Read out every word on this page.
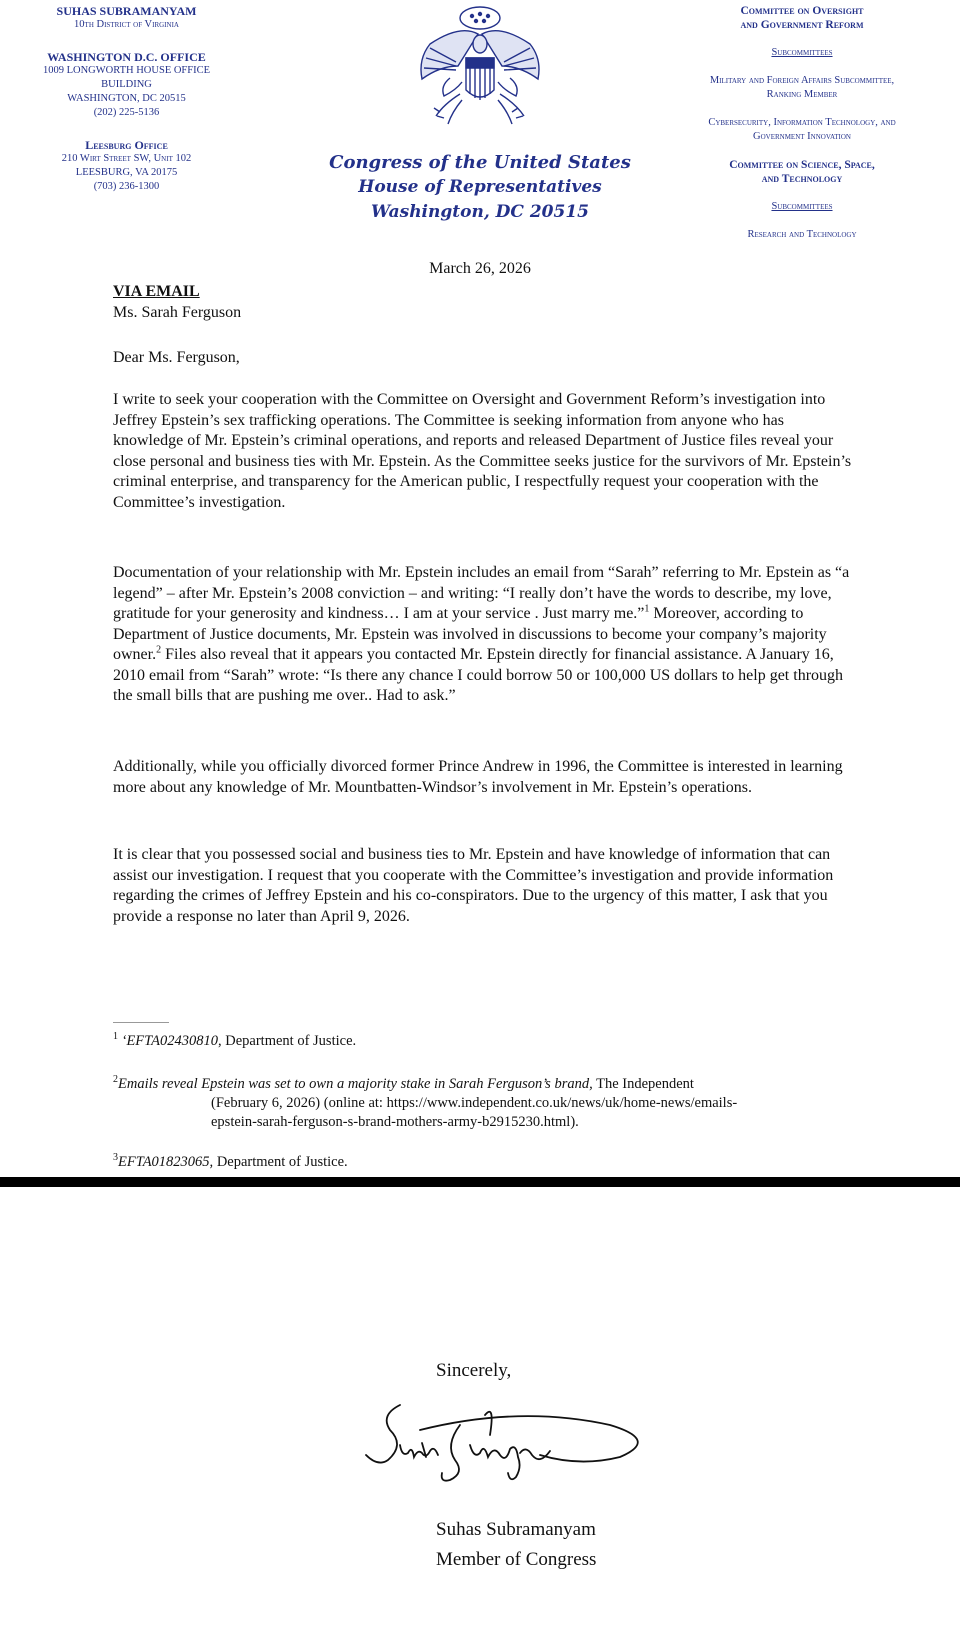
SUHAS SUBRAMANYAM
10th District of Virginia
WASHINGTON D.C. OFFICE
1009 LONGWORTH HOUSE OFFICE
BUILDING
WASHINGTON, DC 20515
(202) 225-5136
Leesburg Office
210 Wirt Street SW, Unit 102
LEESBURG, VA 20175
(703) 236-1300
Congress of the United States
House of Representatives
Washington, DC 20515
Committee on Oversight
and Government Reform
Subcommittees
Military and Foreign Affairs Subcommittee,
Ranking Member
Cybersecurity, Information Technology, and
Government Innovation
Committee on Science, Space,
and Technology
Subcommittees
Research and Technology
March 26, 2026
VIA EMAIL
Ms. Sarah Ferguson
Dear Ms. Ferguson,

I write to seek your cooperation with the Committee on Oversight and Government Reform’s investigation into Jeffrey Epstein’s sex trafficking operations. The Committee is seeking information from anyone who has knowledge of Mr. Epstein’s criminal operations, and reports and released Department of Justice files reveal your close personal and business ties with Mr. Epstein. As the Committee seeks justice for the survivors of Mr. Epstein’s criminal enterprise, and transparency for the American public, I respectfully request your cooperation with the Committee’s investigation.

Documentation of your relationship with Mr. Epstein includes an email from “Sarah” referring to Mr. Epstein as “a legend” – after Mr. Epstein’s 2008 conviction – and writing: “I really don’t have the words to describe, my love, gratitude for your generosity and kindness… I am at your service . Just marry me.”$^1$ Moreover, according to Department of Justice documents, Mr. Epstein was involved in discussions to become your company’s majority owner.$^2$ Files also reveal that it appears you contacted Mr. Epstein directly for financial assistance. A January 16, 2010 email from “Sarah” wrote: “Is there any chance I could borrow 50 or 100,000 US dollars to help get through the small bills that are pushing me over.. Had to ask.”

Additionally, while you officially divorced former Prince Andrew in 1996, the Committee is interested in learning more about any knowledge of Mr. Mountbatten-Windsor’s involvement in Mr. Epstein’s operations.

It is clear that you possessed social and business ties to Mr. Epstein and have knowledge of information that can assist our investigation. I request that you cooperate with the Committee’s investigation and provide information regarding the crimes of Jeffrey Epstein and his co-conspirators. Due to the urgency of this matter, I ask that you provide a response no later than April 9, 2026.

$^1$ ‘EFTA02430810, Department of Justice.
$^2$Emails reveal Epstein was set to own a majority stake in Sarah Ferguson’s brand, The Independent
(February 6, 2026) (online at: https://www.independent.co.uk/news/uk/home-news/emails-
epstein-sarah-ferguson-s-brand-mothers-army-b2915230.html).
$^3$EFTA01823065, Department of Justice.
Sincerely,
Suhas Subramanyam
Member of Congress
